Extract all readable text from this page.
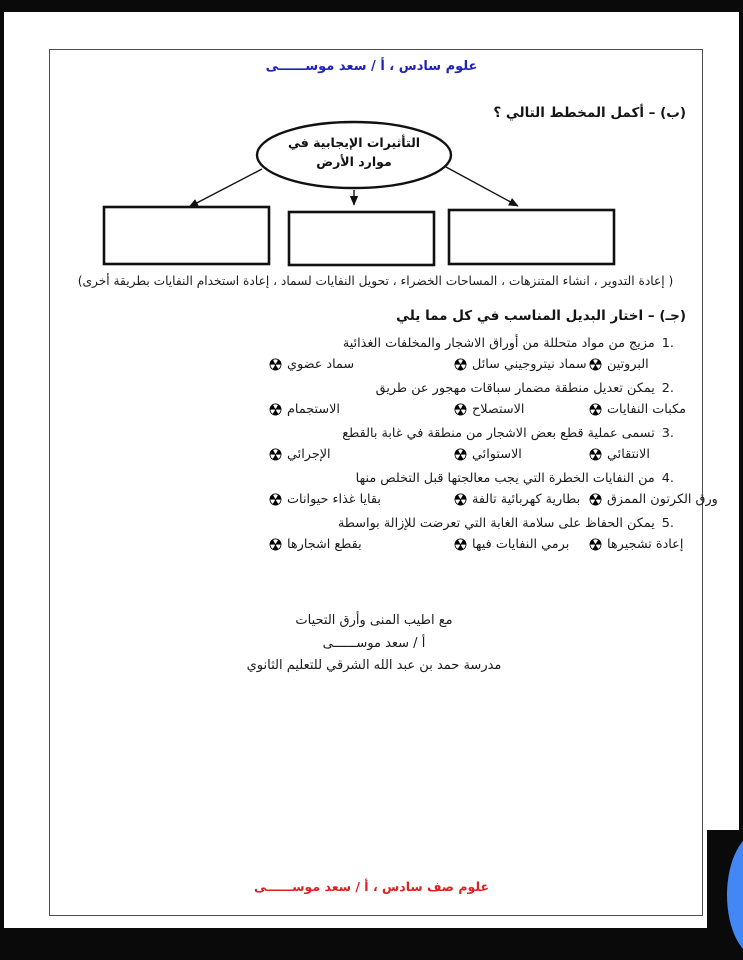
علوم سادس ، أ / سعد موســــــى
(ب) – أكمل المخطط التالي ؟
التأثيرات الإيجابية في
موارد الأرض
( إعادة التدوير ، انشاء المتنزهات ، المساحات الخضراء ، تحويل النفايات لسماد ، إعادة استخدام النفايات بطريقة أخرى)
(جـ) – اختار البديل المناسب في كل مما يلي
1.مزيج من مواد متحللة من أوراق الاشجار والمخلفات الغذائية
البروتين
سماد نيتروجيني سائل
سماد عضوي
2.يمكن تعديل منطقة مضمار سباقات مهجور عن طريق
مكبات النفايات
الاستصلاح
الاستجمام
3.تسمى عملية قطع بعض الاشجار من منطقة في غابة بالقطع
الانتقائي
الاستوائي
الإجرائي
4.من النفايات الخطرة التي يجب معالجتها قبل التخلص منها
ورق الكرتون الممزق
بطارية كهربائية تالفة
بقايا غذاء حيوانات
5.يمكن الحفاظ على سلامة الغابة التي تعرضت للإزالة بواسطة
إعادة تشجيرها
برمي النفايات فيها
بقطع اشجارها
مع اطيب المنى وأرق التحيات
أ / سعد موســــــى
مدرسة حمد بن عبد الله الشرقي للتعليم الثانوي
علوم صف سادس ، أ / سعد موســــــى
